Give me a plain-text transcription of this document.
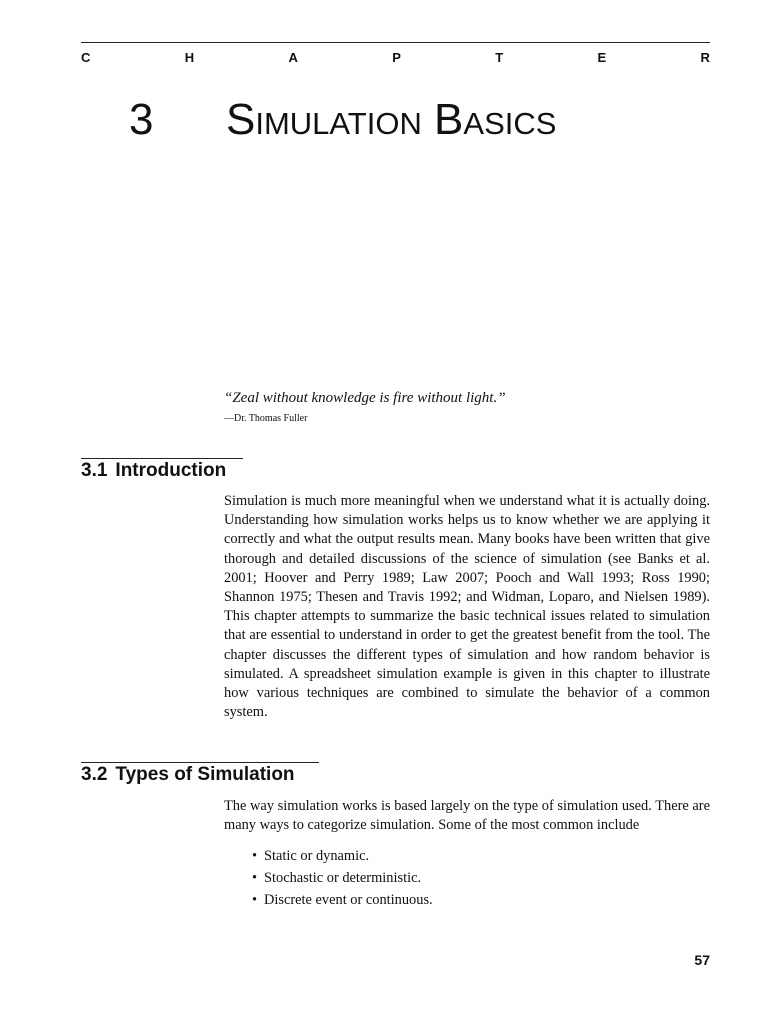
C	H	A	P	T	E	R
3 Simulation Basics
“Zeal without knowledge is fire without light.”
—Dr. Thomas Fuller
3.1 Introduction

Simulation is much more meaningful when we understand what it is actually doing. Understanding how simulation works helps us to know whether we are applying it correctly and what the output results mean. Many books have been written that give thorough and detailed discussions of the science of simulation (see Banks et al. 2001; Hoover and Perry 1989; Law 2007; Pooch and Wall 1993; Ross 1990; Shannon 1975; Thesen and Travis 1992; and Widman, Loparo, and Nielsen 1989). This chapter attempts to summarize the basic technical issues related to simulation that are essential to understand in order to get the greatest benefit from the tool. The chapter discusses the different types of simulation and how random behavior is simulated. A spreadsheet simulation example is given in this chapter to illustrate how various techniques are combined to simulate the behavior of a common system.

3.2 Types of Simulation

The way simulation works is based largely on the type of simulation used. There are many ways to categorize simulation. Some of the most common include

• Static or dynamic.
• Stochastic or deterministic.
• Discrete event or continuous.
57
